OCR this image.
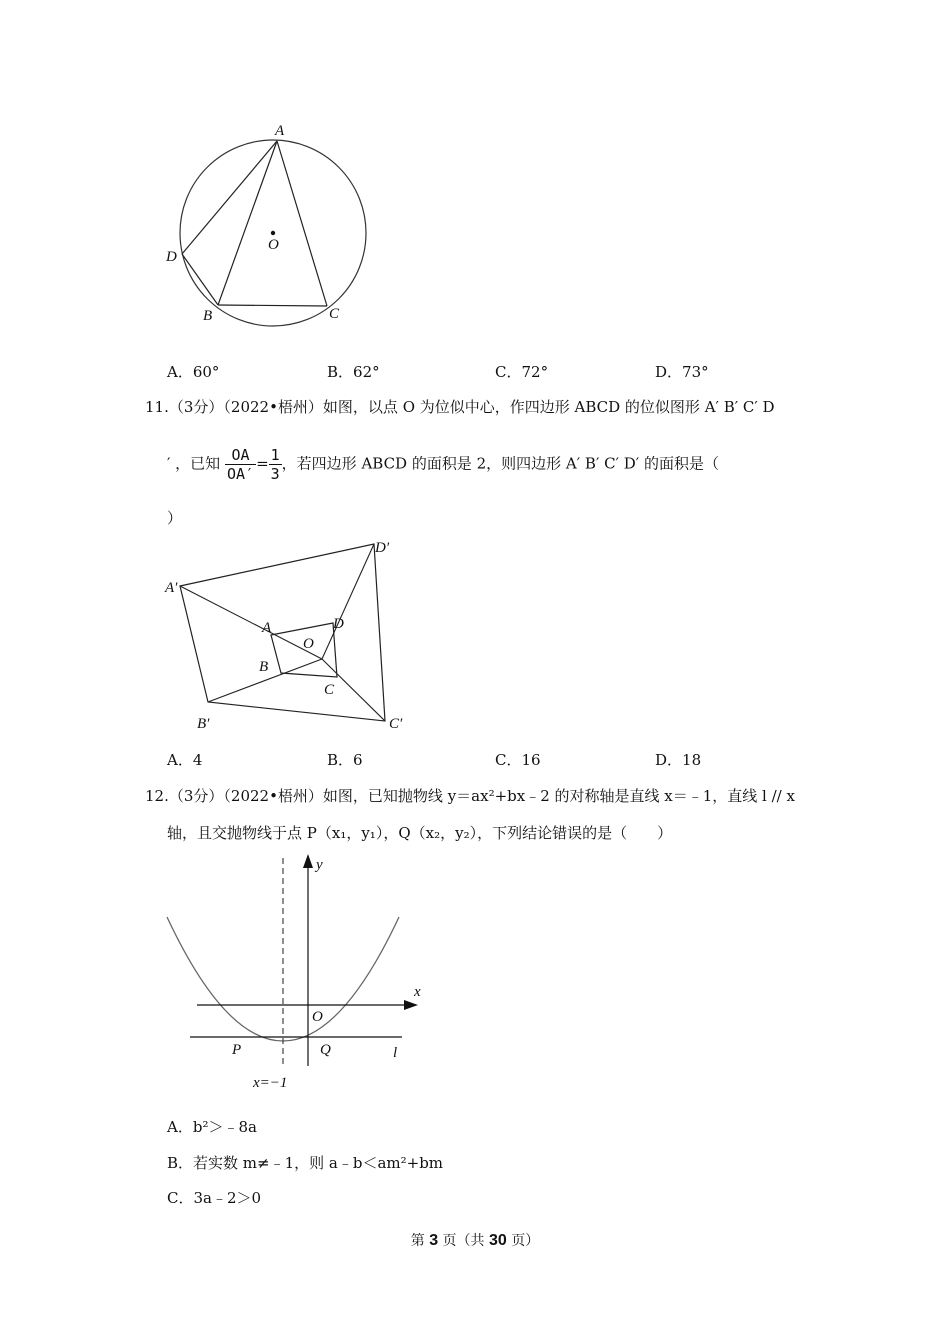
A
D
O
B	C
A．60°	B．62°	C．72°	D．73°
11.（3分）（2022•梧州）如图，以点 O 为位似中心，作四边形 ABCD 的位似图形 A′ B′ C′ D
′ ，已知 $\frac{OA}{OA'} = \frac{1}{3}$ ，若四边形 ABCD 的面积是 2，则四边形 A′ B′ C′ D′ 的面积是（
）
A′
D′
B′	C′
A	D
O
B
C
A．4	B．6	C．16	D．18
12.（3分）（2022•梧州）如图，已知抛物线 y＝ax²+bx﹣2 的对称轴是直线 x＝﹣1，直线 l // x
轴，且交抛物线于点 P（x₁，y₁），Q（x₂，y₂），下列结论错误的是（　　）
y
x
O
P	Q	l
x=−1
A．b²＞﹣8a
B．若实数 m≠﹣1，则 a﹣b＜am²+bm
C．3a﹣2＞0
第 3 页（共 30 页）
